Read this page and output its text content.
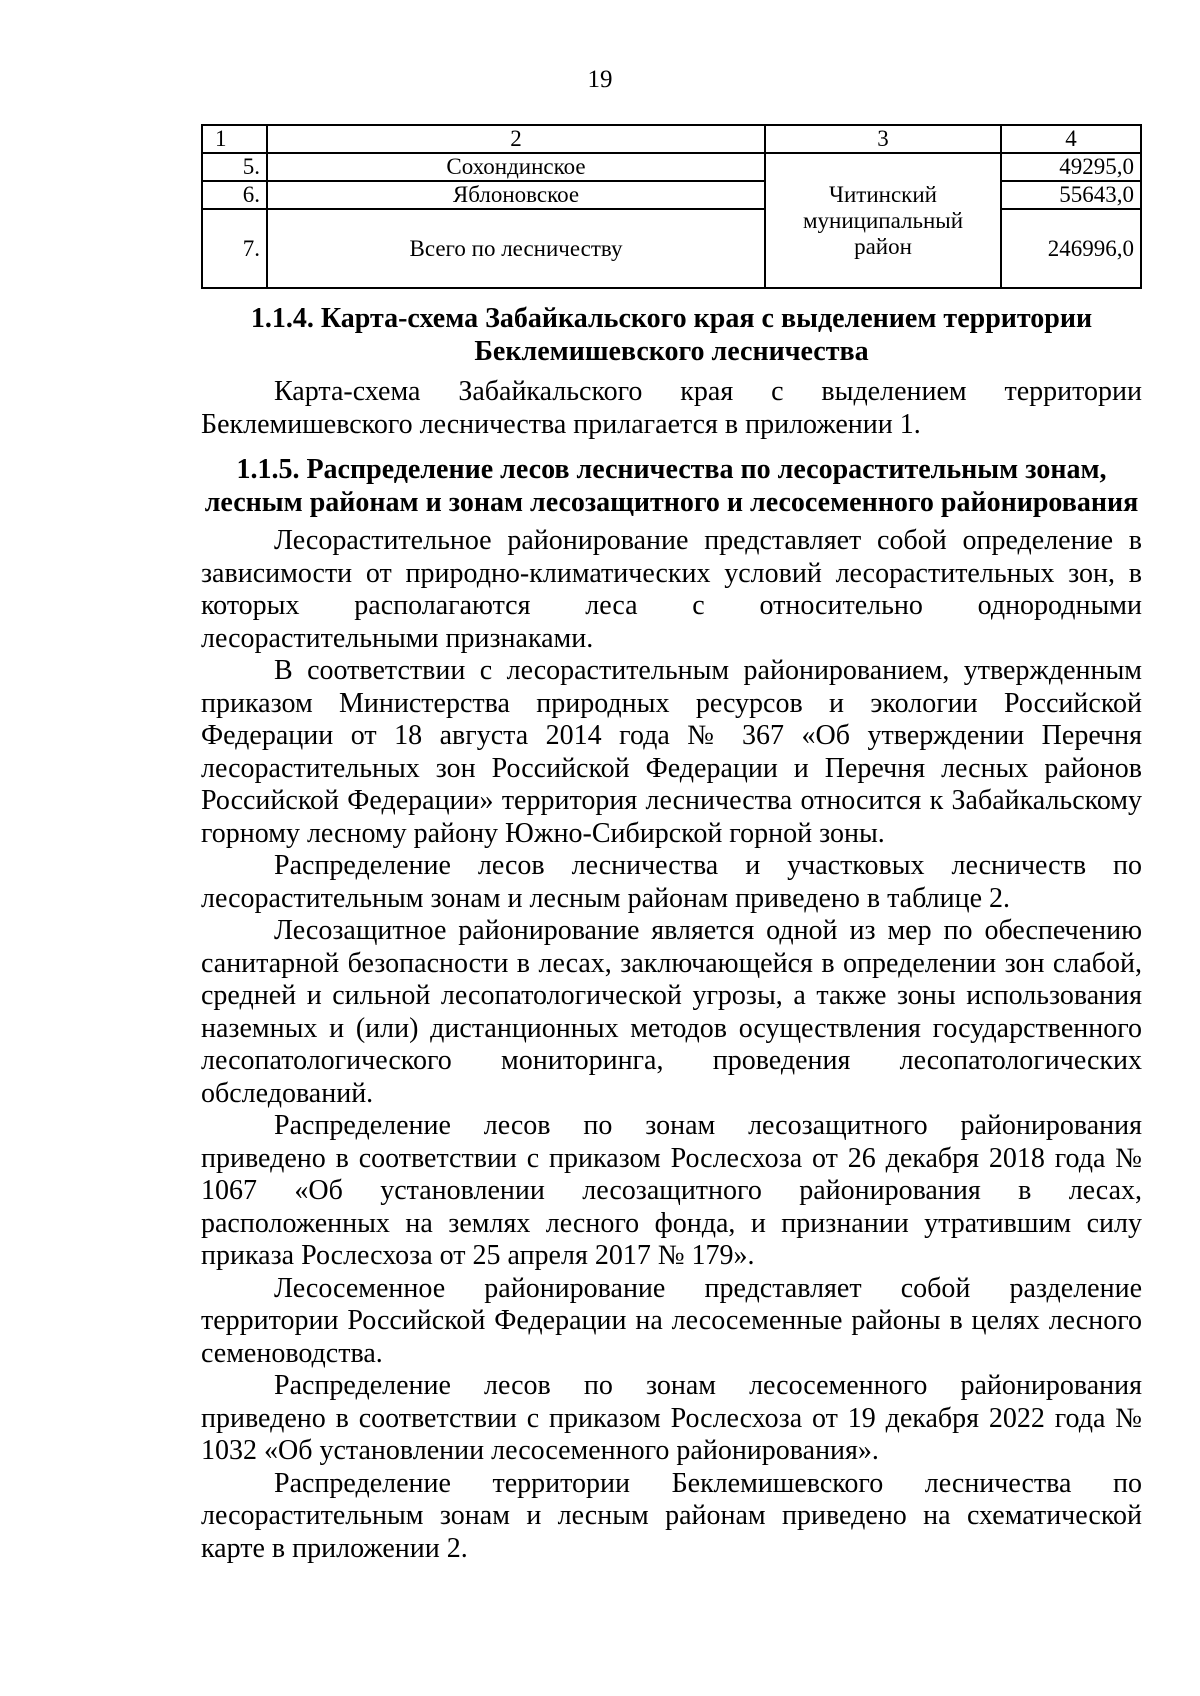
19
1	2	3	4
5.	Сохондинское	Читинский муниципальный район	49295,0
6.	Яблоновское		55643,0
7.	Всего по лесничеству		246996,0
1.1.4. Карта-схема Забайкальского края с выделением территории Беклемишевского лесничества

Карта-схема Забайкальского края с выделением территории Беклемишевского лесничества прилагается в приложении 1.

1.1.5. Распределение лесов лесничества по лесорастительным зонам, лесным районам и зонам лесозащитного и лесосеменного районирования

Лесорастительное районирование представляет собой определение в зависимости от природно-климатических условий лесорастительных зон, в которых располагаются леса с относительно однородными лесорастительными признаками.

В соответствии с лесорастительным районированием, утвержденным приказом Министерства природных ресурсов и экологии Российской Федерации от 18 августа 2014 года № 367 «Об утверждении Перечня лесорастительных зон Российской Федерации и Перечня лесных районов Российской Федерации» территория лесничества относится к Забайкальскому горному лесному району Южно-Сибирской горной зоны.

Распределение лесов лесничества и участковых лесничеств по лесорастительным зонам и лесным районам приведено в таблице 2.

Лесозащитное районирование является одной из мер по обеспечению санитарной безопасности в лесах, заключающейся в определении зон слабой, средней и сильной лесопатологической угрозы, а также зоны использования наземных и (или) дистанционных методов осуществления государственного лесопатологического мониторинга, проведения лесопатологических обследований.

Распределение лесов по зонам лесозащитного районирования приведено в соответствии с приказом Рослесхоза от 26 декабря 2018 года № 1067 «Об установлении лесозащитного районирования в лесах, расположенных на землях лесного фонда, и признании утратившим силу приказа Рослесхоза от 25 апреля 2017 № 179».

Лесосеменное районирование представляет собой разделение территории Российской Федерации на лесосеменные районы в целях лесного семеноводства.

Распределение лесов по зонам лесосеменного районирования приведено в соответствии с приказом Рослесхоза от 19 декабря 2022 года № 1032 «Об установлении лесосеменного районирования».

Распределение территории Беклемишевского лесничества по лесорастительным зонам и лесным районам приведено на схематической карте в приложении 2.
